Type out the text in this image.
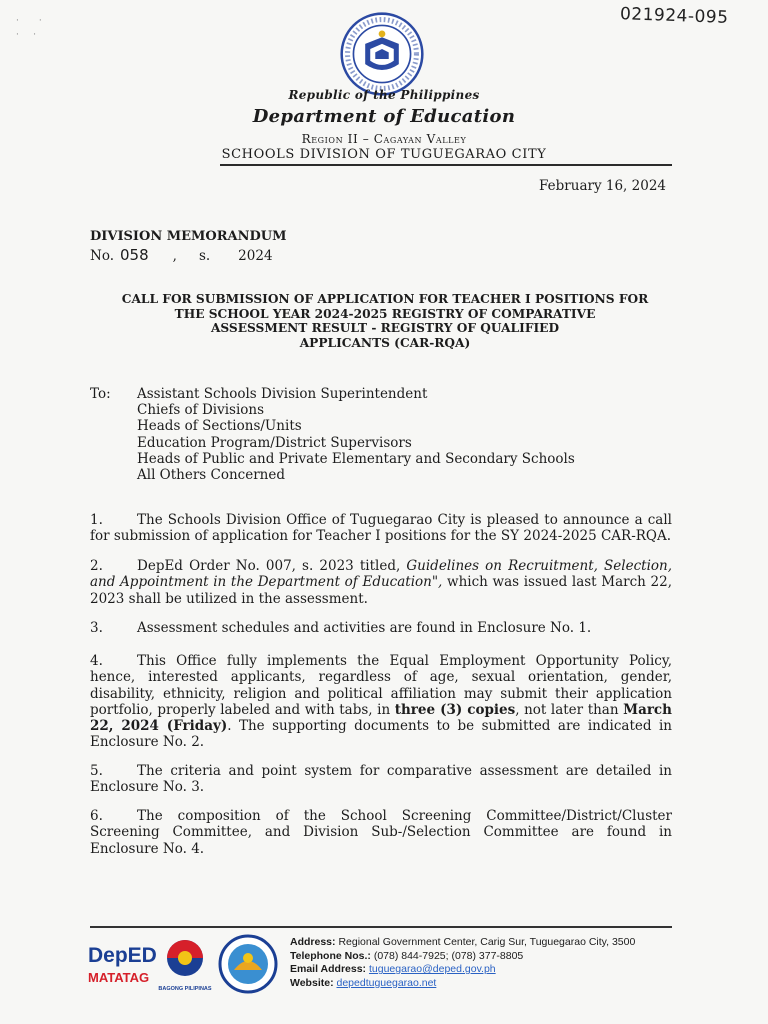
·       ·
·     ·
021924-095
Republic of the Philippines
Department of Education
Region II – Cagayan Valley
SCHOOLS DIVISION OF TUGUEGARAO CITY
February 16, 2024
DIVISION MEMORANDUM
No. 058 , s. 2024
CALL FOR SUBMISSION OF APPLICATION FOR TEACHER I POSITIONS FOR
THE SCHOOL YEAR 2024-2025 REGISTRY OF COMPARATIVE
ASSESSMENT RESULT - REGISTRY OF QUALIFIED
APPLICANTS (CAR-RQA)
To: Assistant Schools Division Superintendent
Chiefs of Divisions
Heads of Sections/Units
Education Program/District Supervisors
Heads of Public and Private Elementary and Secondary Schools
All Others Concerned
1.	The Schools Division Office of Tuguegarao City is pleased to announce a call for submission of application for Teacher I positions for the SY 2024-2025 CAR-RQA.
2.	DepEd Order No. 007, s. 2023 titled, Guidelines on Recruitment, Selection, and Appointment in the Department of Education", which was issued last March 22, 2023 shall be utilized in the assessment.
3.	Assessment schedules and activities are found in Enclosure No. 1.
4.	This Office fully implements the Equal Employment Opportunity Policy, hence, interested applicants, regardless of age, sexual orientation, gender, disability, ethnicity, religion and political affiliation may submit their application portfolio, properly labeled and with tabs, in three (3) copies, not later than March 22, 2024 (Friday). The supporting documents to be submitted are indicated in Enclosure No. 2.
5.	The criteria and point system for comparative assessment are detailed in Enclosure No. 3.
6.	The composition of the School Screening Committee/District/Cluster Screening Committee, and Division Sub-/Selection Committee are found in Enclosure No. 4.
DepED
MATATAG
BAGONG PILIPINAS
Address: Regional Government Center, Carig Sur, Tuguegarao City, 3500
Telephone Nos.: (078) 844-7925; (078) 377-8805
Email Address: tuguegarao@deped.gov.ph
Website: depedtuguegarao.net
